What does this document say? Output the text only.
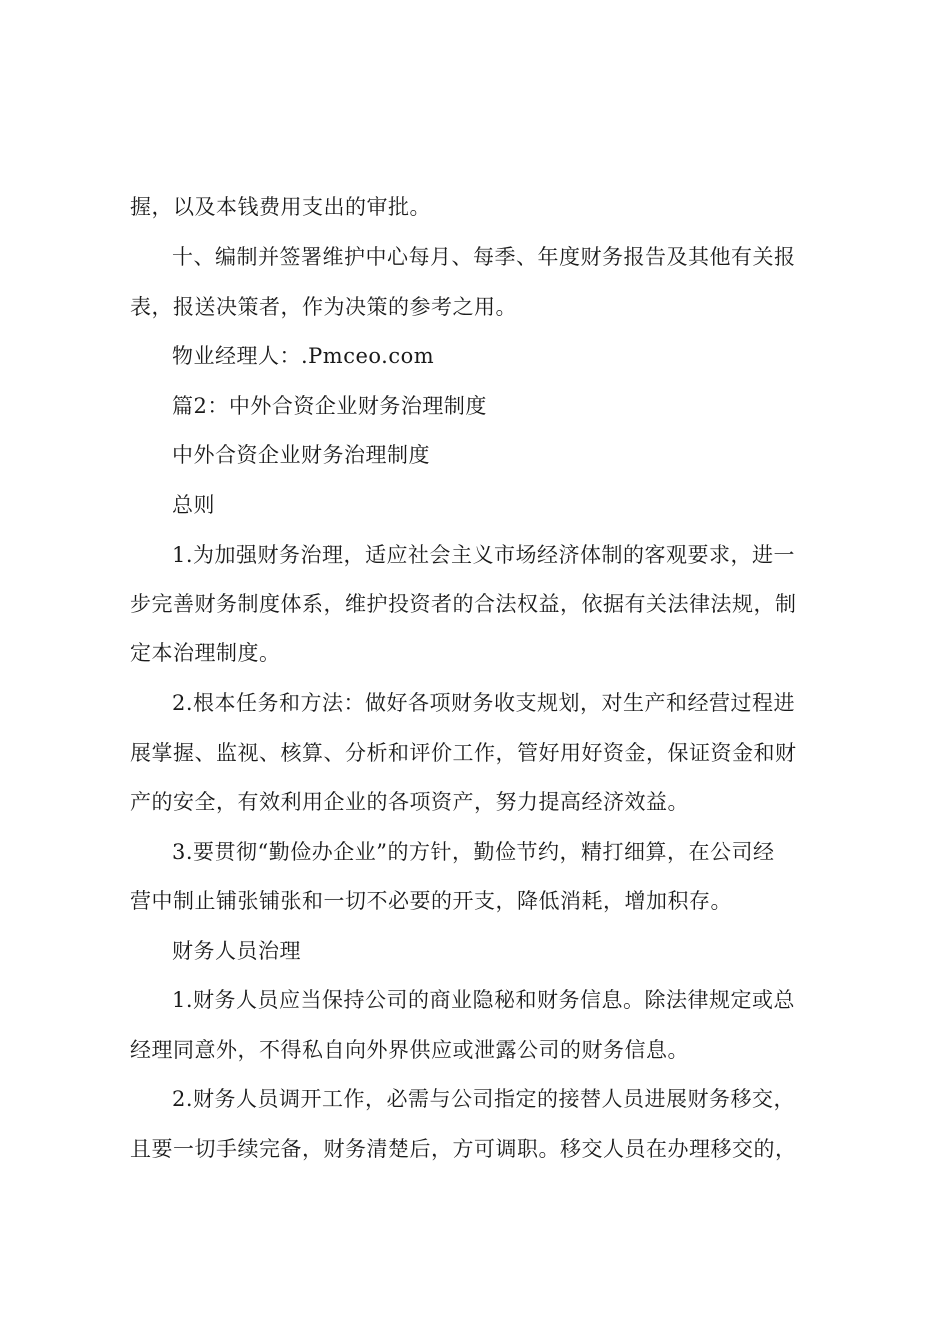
握，以及本钱费用支出的审批。
十、编制并签署维护中心每月、每季、年度财务报告及其他有关报
表，报送决策者，作为决策的参考之用。
物业经理人：.Pmceo.com
篇2：中外合资企业财务治理制度
中外合资企业财务治理制度
总则
1.为加强财务治理，适应社会主义市场经济体制的客观要求，进一
步完善财务制度体系，维护投资者的合法权益，依据有关法律法规，制
定本治理制度。
2.根本任务和方法：做好各项财务收支规划，对生产和经营过程进
展掌握、监视、核算、分析和评价工作，管好用好资金，保证资金和财
产的安全，有效利用企业的各项资产，努力提高经济效益。
3.要贯彻“勤俭办企业”的方针，勤俭节约，精打细算，在公司经
营中制止铺张铺张和一切不必要的开支，降低消耗，增加积存。
财务人员治理
1.财务人员应当保持公司的商业隐秘和财务信息。除法律规定或总
经理同意外，不得私自向外界供应或泄露公司的财务信息。
2.财务人员调开工作，必需与公司指定的接替人员进展财务移交，
且要一切手续完备，财务清楚后，方可调职。移交人员在办理移交的，
